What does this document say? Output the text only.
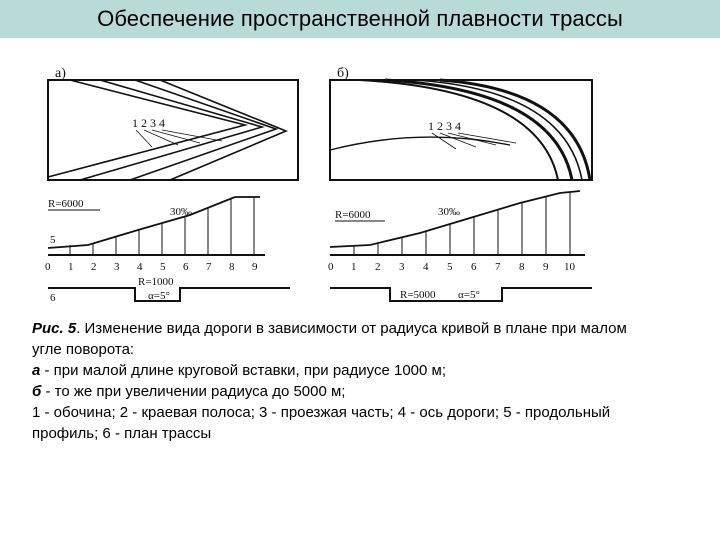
Обеспечение пространственной плавности трассы
а)
1 2 3 4
R=6000
30‰
5
0 1 2 3 4 5 6 7 8 9
R=1000
α=5°
6
б)
1 2 3 4
R=6000	30‰
0 1 2 3 4 5 6 7 8 9 10
R=5000 α=5°

Рис. 5. Изменение вида дороги в зависимости от радиуса кривой в плане при малом угле поворота:

а - при малой длине круговой вставки, при радиусе 1000 м;

б - то же при увеличении радиуса до 5000 м;

1 - обочина; 2 - краевая полоса; 3 - проезжая часть; 4 - ось дороги; 5 - продольный профиль; 6 - план трассы
